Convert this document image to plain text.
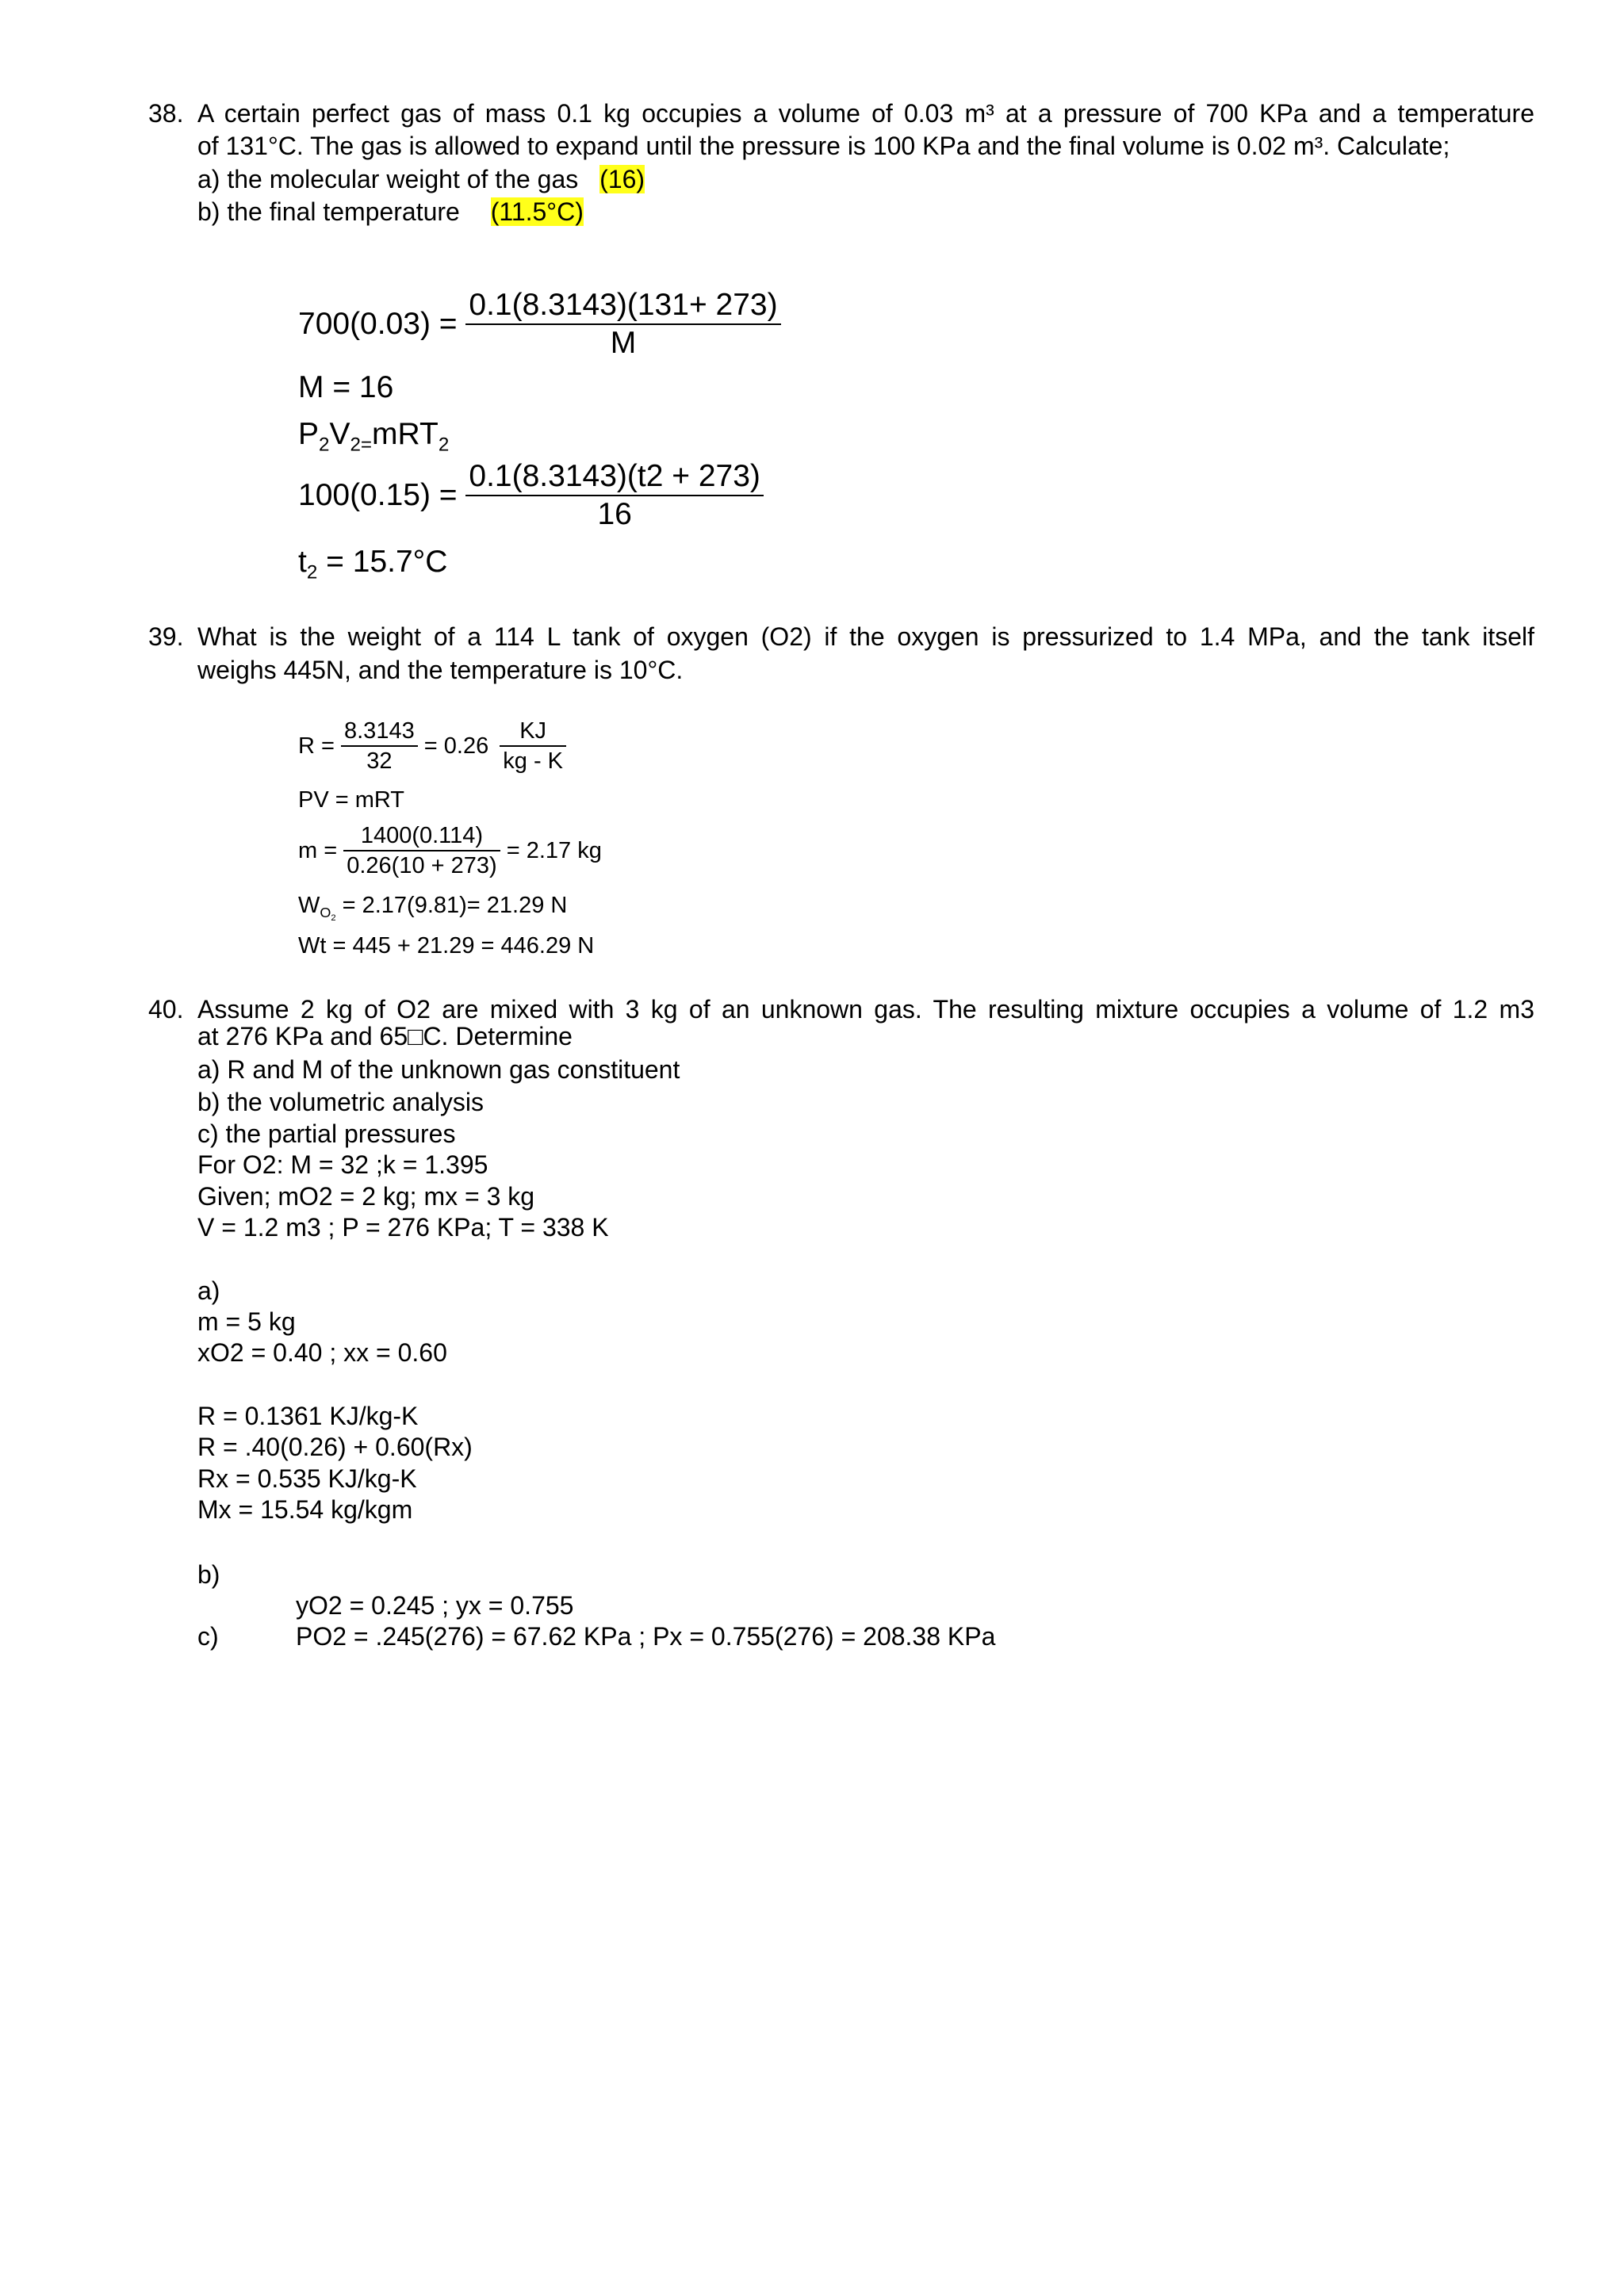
38. A certain perfect gas of mass 0.1 kg occupies a volume of 0.03 m³ at a pressure of 700 KPa and a temperature
of 131°C. The gas is allowed to expand until the pressure is 100 KPa and the final volume is 0.02 m³. Calculate;
a) the molecular weight of the gas (16)
b) the final temperature (11.5°C)
$700(0.03) = \frac{0.1(8.3143)(131+ 273)}{M}$
M = 16
$P_2V_{2=}mRT_2$
$100(0.15) = \frac{0.1(8.3143)(t2 + 273)}{16}$
$t_2 = 15.7^\circ C$
39. What is the weight of a 114 L tank of oxygen (O2) if the oxygen is pressurized to 1.4 MPa, and the tank itself
weighs 445N, and the temperature is 10°C.
$R = \frac{8.3143}{32} = 0.26 \frac{KJ}{kg - K}$
PV = mRT
$m = \frac{1400(0.114)}{0.26(10 + 273)} = 2.17$ kg
$W_{O_2} = 2.17(9.81)= 21.29$ N
Wt = 445 + 21.29 = 446.29 N
40. Assume 2 kg of O2 are mixed with 3 kg of an unknown gas. The resulting mixture occupies a volume of 1.2 m3
at 276 KPa and 65□C. Determine
a) R and M of the unknown gas constituent
b) the volumetric analysis
c) the partial pressures
For O2: M = 32 ;k = 1.395
Given; mO2 = 2 kg; mx = 3 kg
V = 1.2 m3 ; P = 276 KPa; T = 338 K
a)
m = 5 kg
xO2 = 0.40 ; xx = 0.60
R = 0.1361 KJ/kg-K
R = .40(0.26) + 0.60(Rx)
Rx = 0.535 KJ/kg-K
Mx = 15.54 kg/kgm
b)
yO2 = 0.245 ; yx = 0.755
c)	PO2 = .245(276) = 67.62 KPa ; Px = 0.755(276) = 208.38 KPa
